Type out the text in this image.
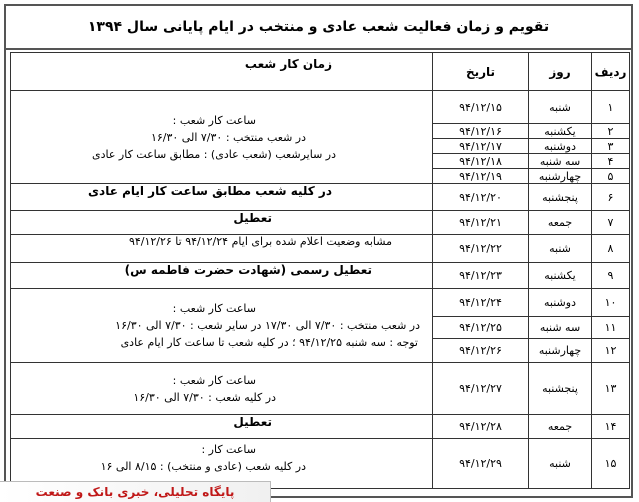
تقویم و زمان فعالیت شعب عادی و منتخب در ایام پایانی سال ۱۳۹۴
ردیف	روز	تاریخ	زمان کار شعب
۱	شنبه	۹۴/۱۲/۱۵	ساعت کار شعب :
در شعب منتخب : ۷/۳۰ الی ۱۶/۳۰
در سایرشعب (شعب عادی) : مطابق ساعت کار عادی

۲	یکشنبه	۹۴/۱۲/۱۶	
۳	دوشنبه	۹۴/۱۲/۱۷	
۴	سه شنبه	۹۴/۱۲/۱۸	
۵	چهارشنبه	۹۴/۱۲/۱۹	
۶	پنجشنبه	۹۴/۱۲/۲۰	در کلیه شعب مطابق ساعت کار ایام عادی
۷	جمعه	۹۴/۱۲/۲۱	تعطیل
۸	شنبه	۹۴/۱۲/۲۲	مشابه وضعیت اعلام شده برای ایام ۹۴/۱۲/۲۴ تا ۹۴/۱۲/۲۶
۹	یکشنبه	۹۴/۱۲/۲۳	تعطیل رسمی (شهادت حضرت فاطمه س)
۱۰	دوشنبه	۹۴/۱۲/۲۴	ساعت کار شعب :
در شعب منتخب : ۷/۳۰ الی ۱۷/۳۰ در سایر شعب : ۷/۳۰ الی ۱۶/۳۰
توجه : سه شنبه ۹۴/۱۲/۲۵ ؛ در کلیه شعب تا ساعت کار ایام عادی

۱۱	سه شنبه	۹۴/۱۲/۲۵	
۱۲	چهارشنبه	۹۴/۱۲/۲۶	
۱۳	پنجشنبه	۹۴/۱۲/۲۷	ساعت کار شعب :
در کلیه شعب : ۷/۳۰ الی ۱۶/۳۰

۱۴	جمعه	۹۴/۱۲/۲۸	تعطیل
۱۵	شنبه	۹۴/۱۲/۲۹	ساعت کار :
در کلیه شعب (عادی و منتخب) : ۸/۱۵ الی ۱۶
پایگاه تحلیلی، خبری بانک و صنعت
